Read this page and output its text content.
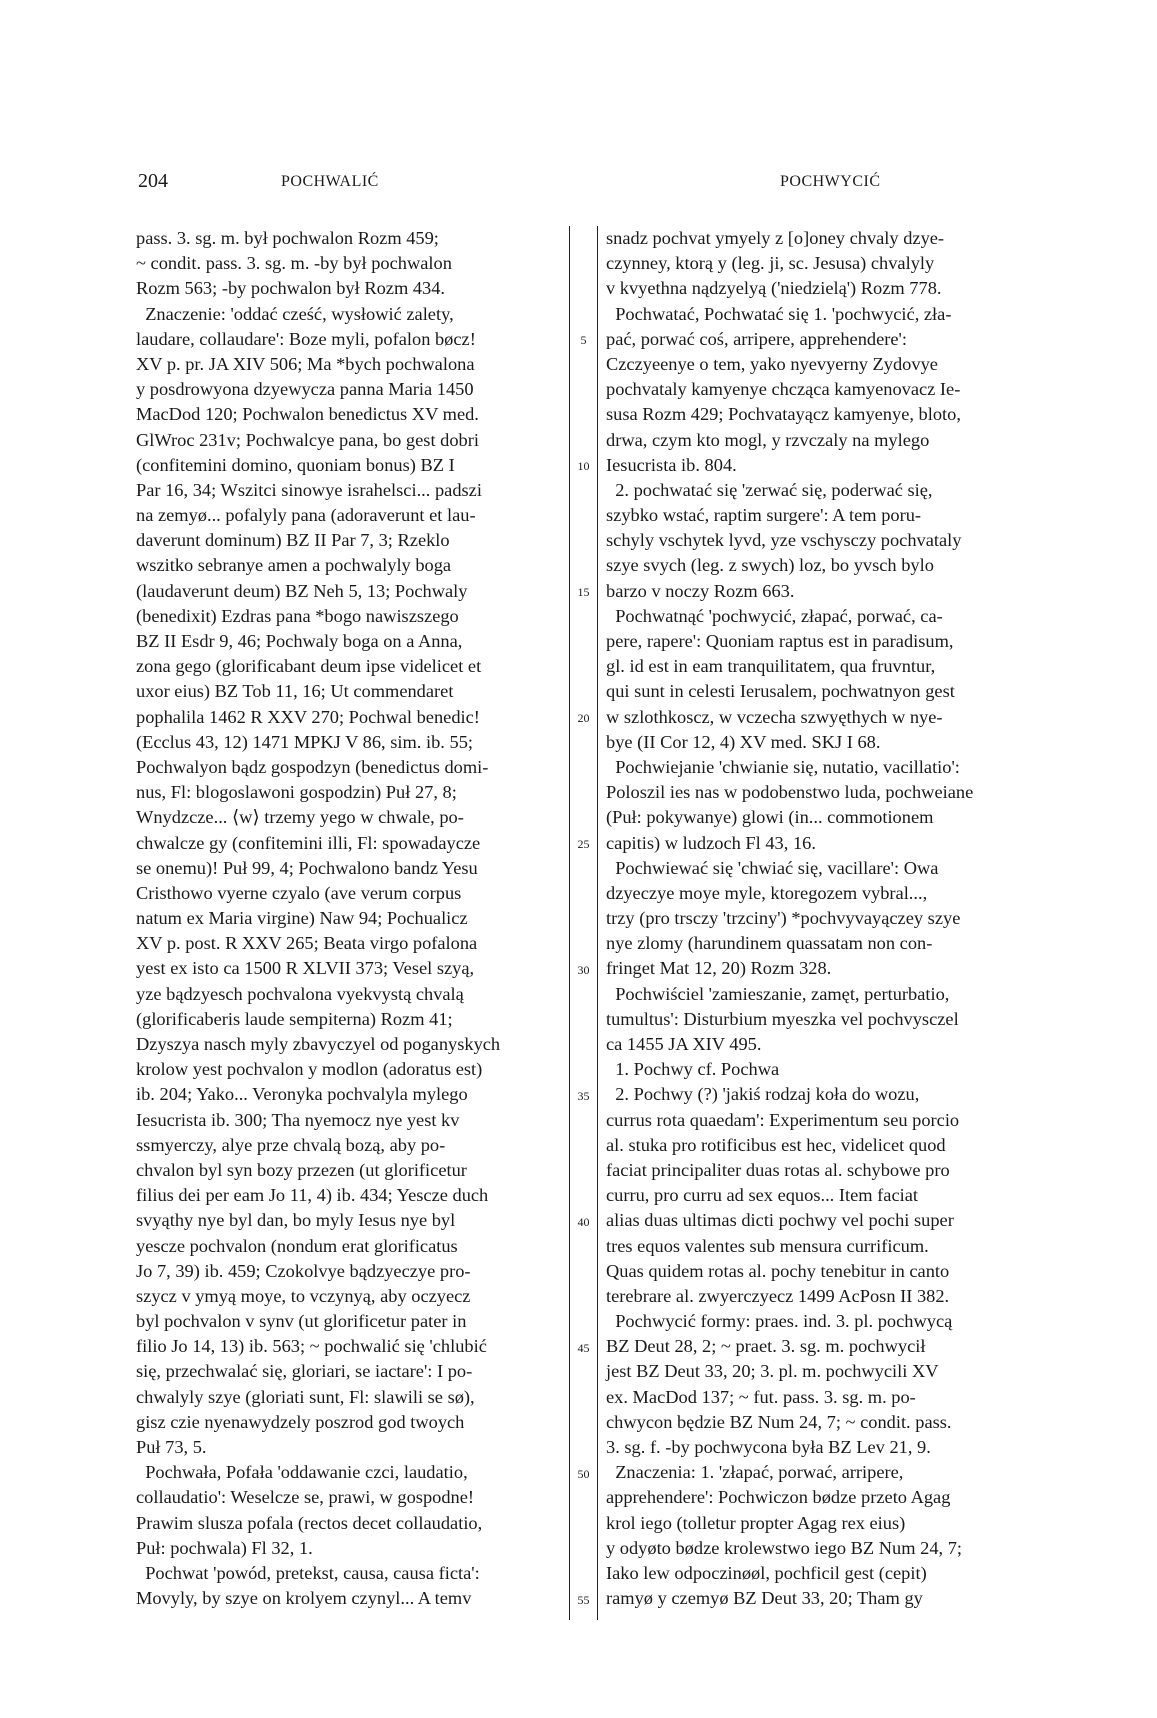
204	POCHWALIĆ	POCHWYCIĆ
pass. 3. sg. m. był pochwalon Rozm 459;
~ condit. pass. 3. sg. m. -by był pochwalon
Rozm 563; -by pochwalon był Rozm 434.
Znaczenie: 'oddać cześć, wysłowić zalety,
laudare, collaudare': Boze myli, pofalon bøcz!
XV p. pr. JA XIV 506; Ma *bych pochwalona
y posdrowyona dzyewycza panna Maria 1450
MacDod 120; Pochwalon benedictus XV med.
GlWroc 231v; Pochwalcye pana, bo gest dobri
(confitemini domino, quoniam bonus) BZ I
Par 16, 34; Wszitci sinowye israhelsci... padszi
na zemyø... pofalyly pana (adoraverunt et lau-
daverunt dominum) BZ II Par 7, 3; Rzeklo
wszitko sebranye amen a pochwalyly boga
(laudaverunt deum) BZ Neh 5, 13; Pochwaly
(benedixit) Ezdras pana *bogo nawiszszego
BZ II Esdr 9, 46; Pochwaly boga on a Anna,
zona gego (glorificabant deum ipse videlicet et
uxor eius) BZ Tob 11, 16; Ut commendaret
pophalila 1462 R XXV 270; Pochwal benedic!
(Ecclus 43, 12) 1471 MPKJ V 86, sim. ib. 55;
Pochwalyon bądz gospodzyn (benedictus domi-
nus, Fl: blogoslawoni gospodzin) Puł 27, 8;
Wnydzcze... ⟨w⟩ trzemy yego w chwale, po-
chwalcze gy (confitemini illi, Fl: spowadaycze
se onemu)! Puł 99, 4; Pochwalono bandz Yesu
Cristhowo vyerne czyalo (ave verum corpus
natum ex Maria virgine) Naw 94; Pochualicz
XV p. post. R XXV 265; Beata virgo pofalona
yest ex isto ca 1500 R XLVII 373; Vesel szyą,
yze bądzyesch pochvalona vyekvystą chvalą
(glorificaberis laude sempiterna) Rozm 41;
Dzyszya nasch myly zbavyczyel od poganyskych
krolow yest pochvalon y modlon (adoratus est)
ib. 204; Yako... Veronyka pochvalyla mylego
Iesucrista ib. 300; Tha nyemocz nye yest kv
ssmyerczy, alye prze chvalą bozą, aby po-
chvalon byl syn bozy przezen (ut glorificetur
filius dei per eam Jo 11, 4) ib. 434; Yescze duch
svyąthy nye byl dan, bo myly Iesus nye byl
yescze pochvalon (nondum erat glorificatus
Jo 7, 39) ib. 459; Czokolvye bądzyeczye pro-
szycz v ymyą moye, to vczynyą, aby oczyecz
byl pochvalon v synv (ut glorificetur pater in
filio Jo 14, 13) ib. 563; ~ pochwalić się 'chlubić
się, przechwalać się, gloriari, se iactare': I po-
chwalyly szye (gloriati sunt, Fl: slawili se sø),
gisz czie nyenawydzely poszrod god twoych
Puł 73, 5.
Pochwała, Pofała 'oddawanie czci, laudatio,
collaudatio': Weselcze se, prawi, w gospodne!
Prawim slusza pofala (rectos decet collaudatio,
Puł: pochwala) Fl 32, 1.
Pochwat 'powód, pretekst, causa, causa ficta':
Movyly, by szye on krolyem czynyl... A temv
5
10
15
20
25
30
35
40
45
50
55
snadz pochvat ymyely z [o]oney chvaly dzye-
czynney, ktorą y (leg. ji, sc. Jesusa) chvalyly
v kvyethna nądzyelyą ('niedzielą') Rozm 778.
Pochwatać, Pochwatać się 1. 'pochwycić, zła-
pać, porwać coś, arripere, apprehendere':
Czczyeenye o tem, yako nyevyerny Zydovye
pochvataly kamyenye chcząca kamyenovacz Ie-
susa Rozm 429; Pochvatayącz kamyenye, bloto,
drwa, czym kto mogl, y rzvczaly na mylego
Iesucrista ib. 804.
2. pochwatać się 'zerwać się, poderwać się,
szybko wstać, raptim surgere': A tem poru-
schyly vschytek lyvd, yze vschysczy pochvataly
szye svych (leg. z swych) loz, bo yvsch bylo
barzo v noczy Rozm 663.
Pochwatnąć 'pochwycić, złapać, porwać, ca-
pere, rapere': Quoniam raptus est in paradisum,
gl. id est in eam tranquilitatem, qua fruvntur,
qui sunt in celesti Ierusalem, pochwatnyon gest
w szlothkoscz, w vczecha szwyęthych w nye-
bye (II Cor 12, 4) XV med. SKJ I 68.
Pochwiejanie 'chwianie się, nutatio, vacillatio':
Poloszil ies nas w podobenstwo luda, pochweiane
(Puł: pokywanye) glowi (in... commotionem
capitis) w ludzoch Fl 43, 16.
Pochwiewać się 'chwiać się, vacillare': Owa
dzyeczye moye myle, ktoregozem vybral...,
trzy (pro trsczy 'trzciny') *pochvyvayączey szye
nye zlomy (harundinem quassatam non con-
fringet Mat 12, 20) Rozm 328.
Pochwiściel 'zamieszanie, zamęt, perturbatio,
tumultus': Disturbium myeszka vel pochvysczel
ca 1455 JA XIV 495.
1. Pochwy cf. Pochwa
2. Pochwy (?) 'jakiś rodzaj koła do wozu,
currus rota quaedam': Experimentum seu porcio
al. stuka pro rotificibus est hec, videlicet quod
faciat principaliter duas rotas al. schybowe pro
curru, pro curru ad sex equos... Item faciat
alias duas ultimas dicti pochwy vel pochi super
tres equos valentes sub mensura currificum.
Quas quidem rotas al. pochy tenebitur in canto
terebrare al. zwyerczyecz 1499 AcPosn II 382.
Pochwycić formy: praes. ind. 3. pl. pochwycą
BZ Deut 28, 2; ~ praet. 3. sg. m. pochwycił
jest BZ Deut 33, 20; 3. pl. m. pochwycili XV
ex. MacDod 137; ~ fut. pass. 3. sg. m. po-
chwycon będzie BZ Num 24, 7; ~ condit. pass.
3. sg. f. -by pochwycona była BZ Lev 21, 9.
Znaczenia: 1. 'złapać, porwać, arripere,
apprehendere': Pochwiczon bødze przeto Agag
krol iego (tolletur propter Agag rex eius)
y odyøto bødze krolewstwo iego BZ Num 24, 7;
Iako lew odpoczinøøl, pochficil gest (cepit)
ramyø y czemyø BZ Deut 33, 20; Tham gy
